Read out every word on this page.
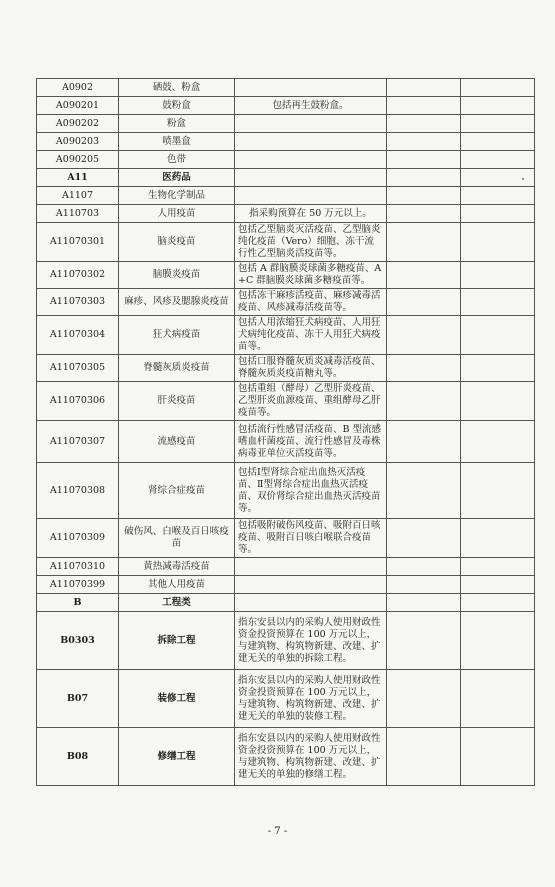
A0902	硒鼓、粉盒			
A090201	鼓粉盒	包括再生鼓粉盒。		
A090202	粉盒			
A090203	喷墨盒			
A090205	色带			
A11	医药品			
A1107	生物化学制品			
A110703	人用疫苗	指采购预算在 50 万元以上。		
A11070301	脑炎疫苗	包括乙型脑炎灭活疫苗、乙型脑炎纯化疫苗（Vero）细胞、冻干流行性乙型脑炎活疫苗等。		
A11070302	脑膜炎疫苗	包括 A 群脑膜炎球菌多糖疫苗、A+C 群脑膜炎球菌多糖疫苗等。		
A11070303	麻疹、风疹及腮腺炎疫苗	包括冻干麻疹活疫苗、麻疹减毒活疫苗、风疹减毒活疫苗等。		
A11070304	狂犬病疫苗	包括人用浓缩狂犬病疫苗、人用狂犬病纯化疫苗、冻干人用狂犬病疫苗等。		
A11070305	脊髓灰质炎疫苗	包括口服脊髓灰质炎减毒活疫苗、脊髓灰质炎疫苗糖丸等。		
A11070306	肝炎疫苗	包括重组（酵母）乙型肝炎疫苗、乙型肝炎血源疫苗、重组酵母乙肝疫苗等。		
A11070307	流感疫苗	包括流行性感冒活疫苗、B 型流感嗜血杆菌疫苗、流行性感冒及毒株病毒亚单位灭活疫苗等。		
A11070308	肾综合症疫苗	包括Ⅰ型肾综合症出血热灭活疫苗、Ⅱ型肾综合症出血热灭活疫苗、双价肾综合症出血热灭活疫苗等。		
A11070309	破伤风、白喉及百日咳疫苗	包括吸附破伤风疫苗、吸附百日咳疫苗、吸附百日咳白喉联合疫苗等。		
A11070310	黄热减毒活疫苗			
A11070399	其他人用疫苗			
B	工程类			
B0303	拆除工程	指东安县以内的采购人使用财政性资金投资预算在 100 万元以上，与建筑物、构筑物新建、改建、扩建无关的单独的拆除工程。		
B07	装修工程	指东安县以内的采购人使用财政性资金投资预算在 100 万元以上，与建筑物、构筑物新建、改建、扩建无关的单独的装修工程。		
B08	修缮工程	指东安县以内的采购人使用财政性资金投资预算在 100 万元以上，与建筑物、构筑物新建、改建、扩建无关的单独的修缮工程。		
- 7 -
